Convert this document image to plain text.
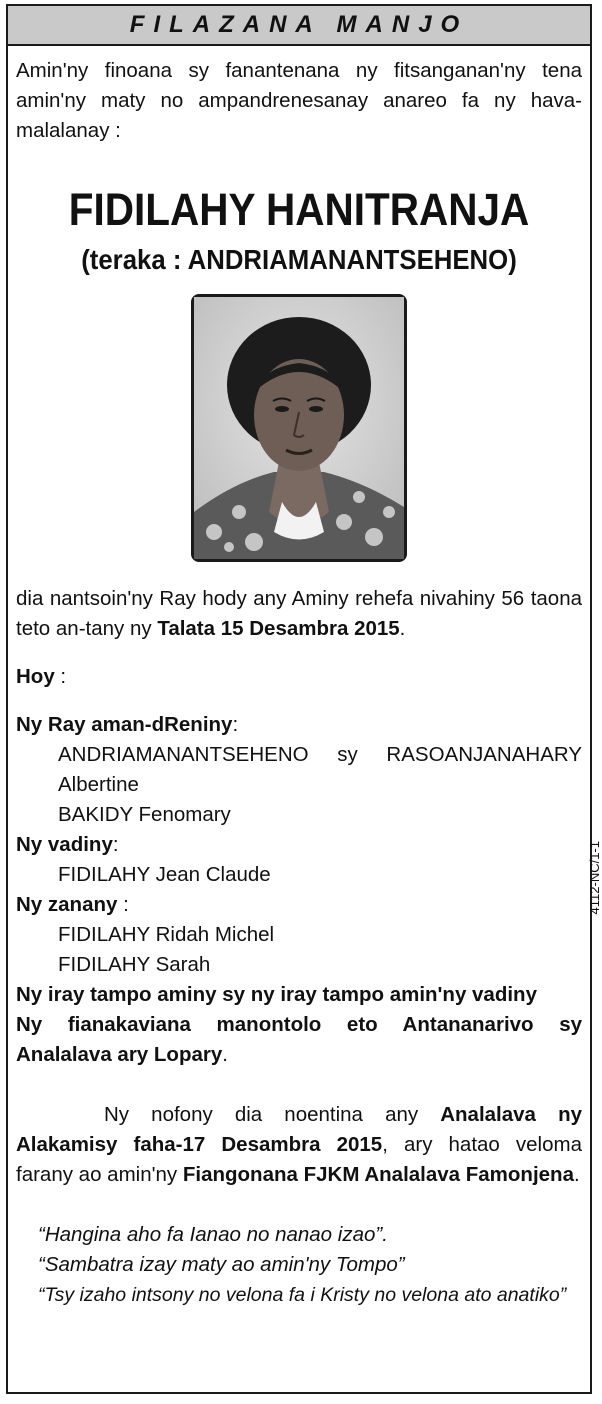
FILAZANA MANJO
Amin'ny finoana sy fanantenana ny fitsanganan'ny tena amin'ny maty no ampandrenesanay anareo fa ny hava-malalanay :
FIDILAHY HANITRANJA
(teraka : ANDRIAMANANTSEHENO)
dia nantsoin'ny Ray hody any Aminy rehefa nivahiny 56 taona teto an-tany ny Talata 15 Desambra 2015.
Hoy :
Ny Ray aman-dReniny:
ANDRIAMANANTSEHENO sy RASOANJANAHARY Albertine
BAKIDY Fenomary
Ny vadiny:
FIDILAHY Jean Claude
Ny zanany :
FIDILAHY Ridah Michel
FIDILAHY Sarah
Ny iray tampo aminy sy ny iray tampo amin'ny vadiny
Ny fianakaviana manontolo eto Antananarivo sy Analalava ary Lopary.
Ny nofony dia noentina any Analalava ny Alakamisy faha-17 Desambra 2015, ary hatao veloma farany ao amin'ny Fiangonana FJKM Analalava Famonjena.
“Hangina aho fa Ianao no nanao izao”.
“Sambatra izay maty ao amin'ny Tompo”
“Tsy izaho intsony no velona fa i Kristy no velona ato anatiko”
4112-NC/1-1
